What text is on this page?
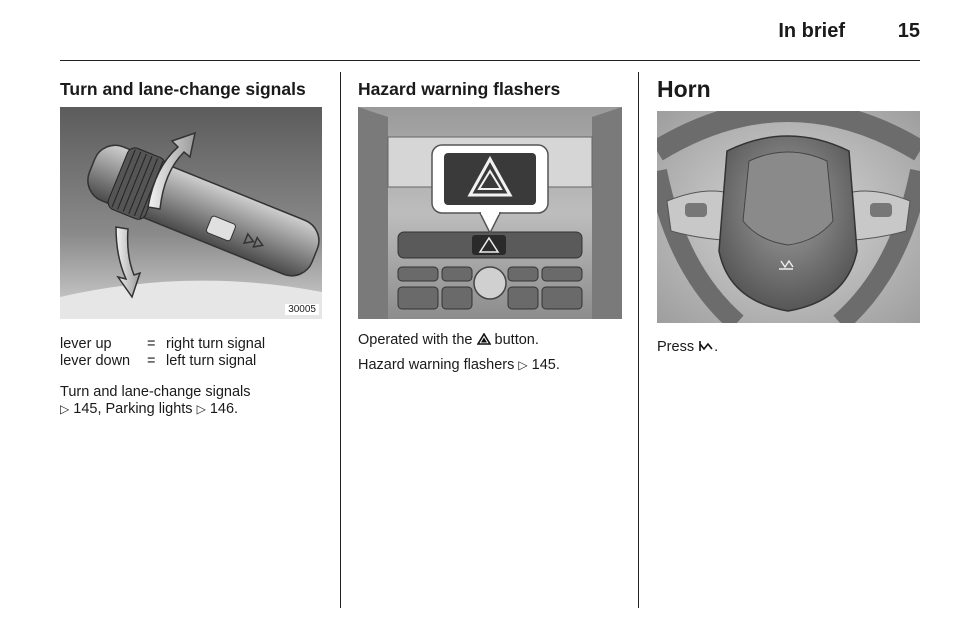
In brief	15
Turn and lane-change signals
30005
lever up = right turn signal
lever down = left turn signal
Turn and lane-change signals
▷ 145, Parking lights ▷ 146.
Hazard warning flashers
Operated with the button.
Hazard warning flashers ▷ 145.
Horn
Press .
